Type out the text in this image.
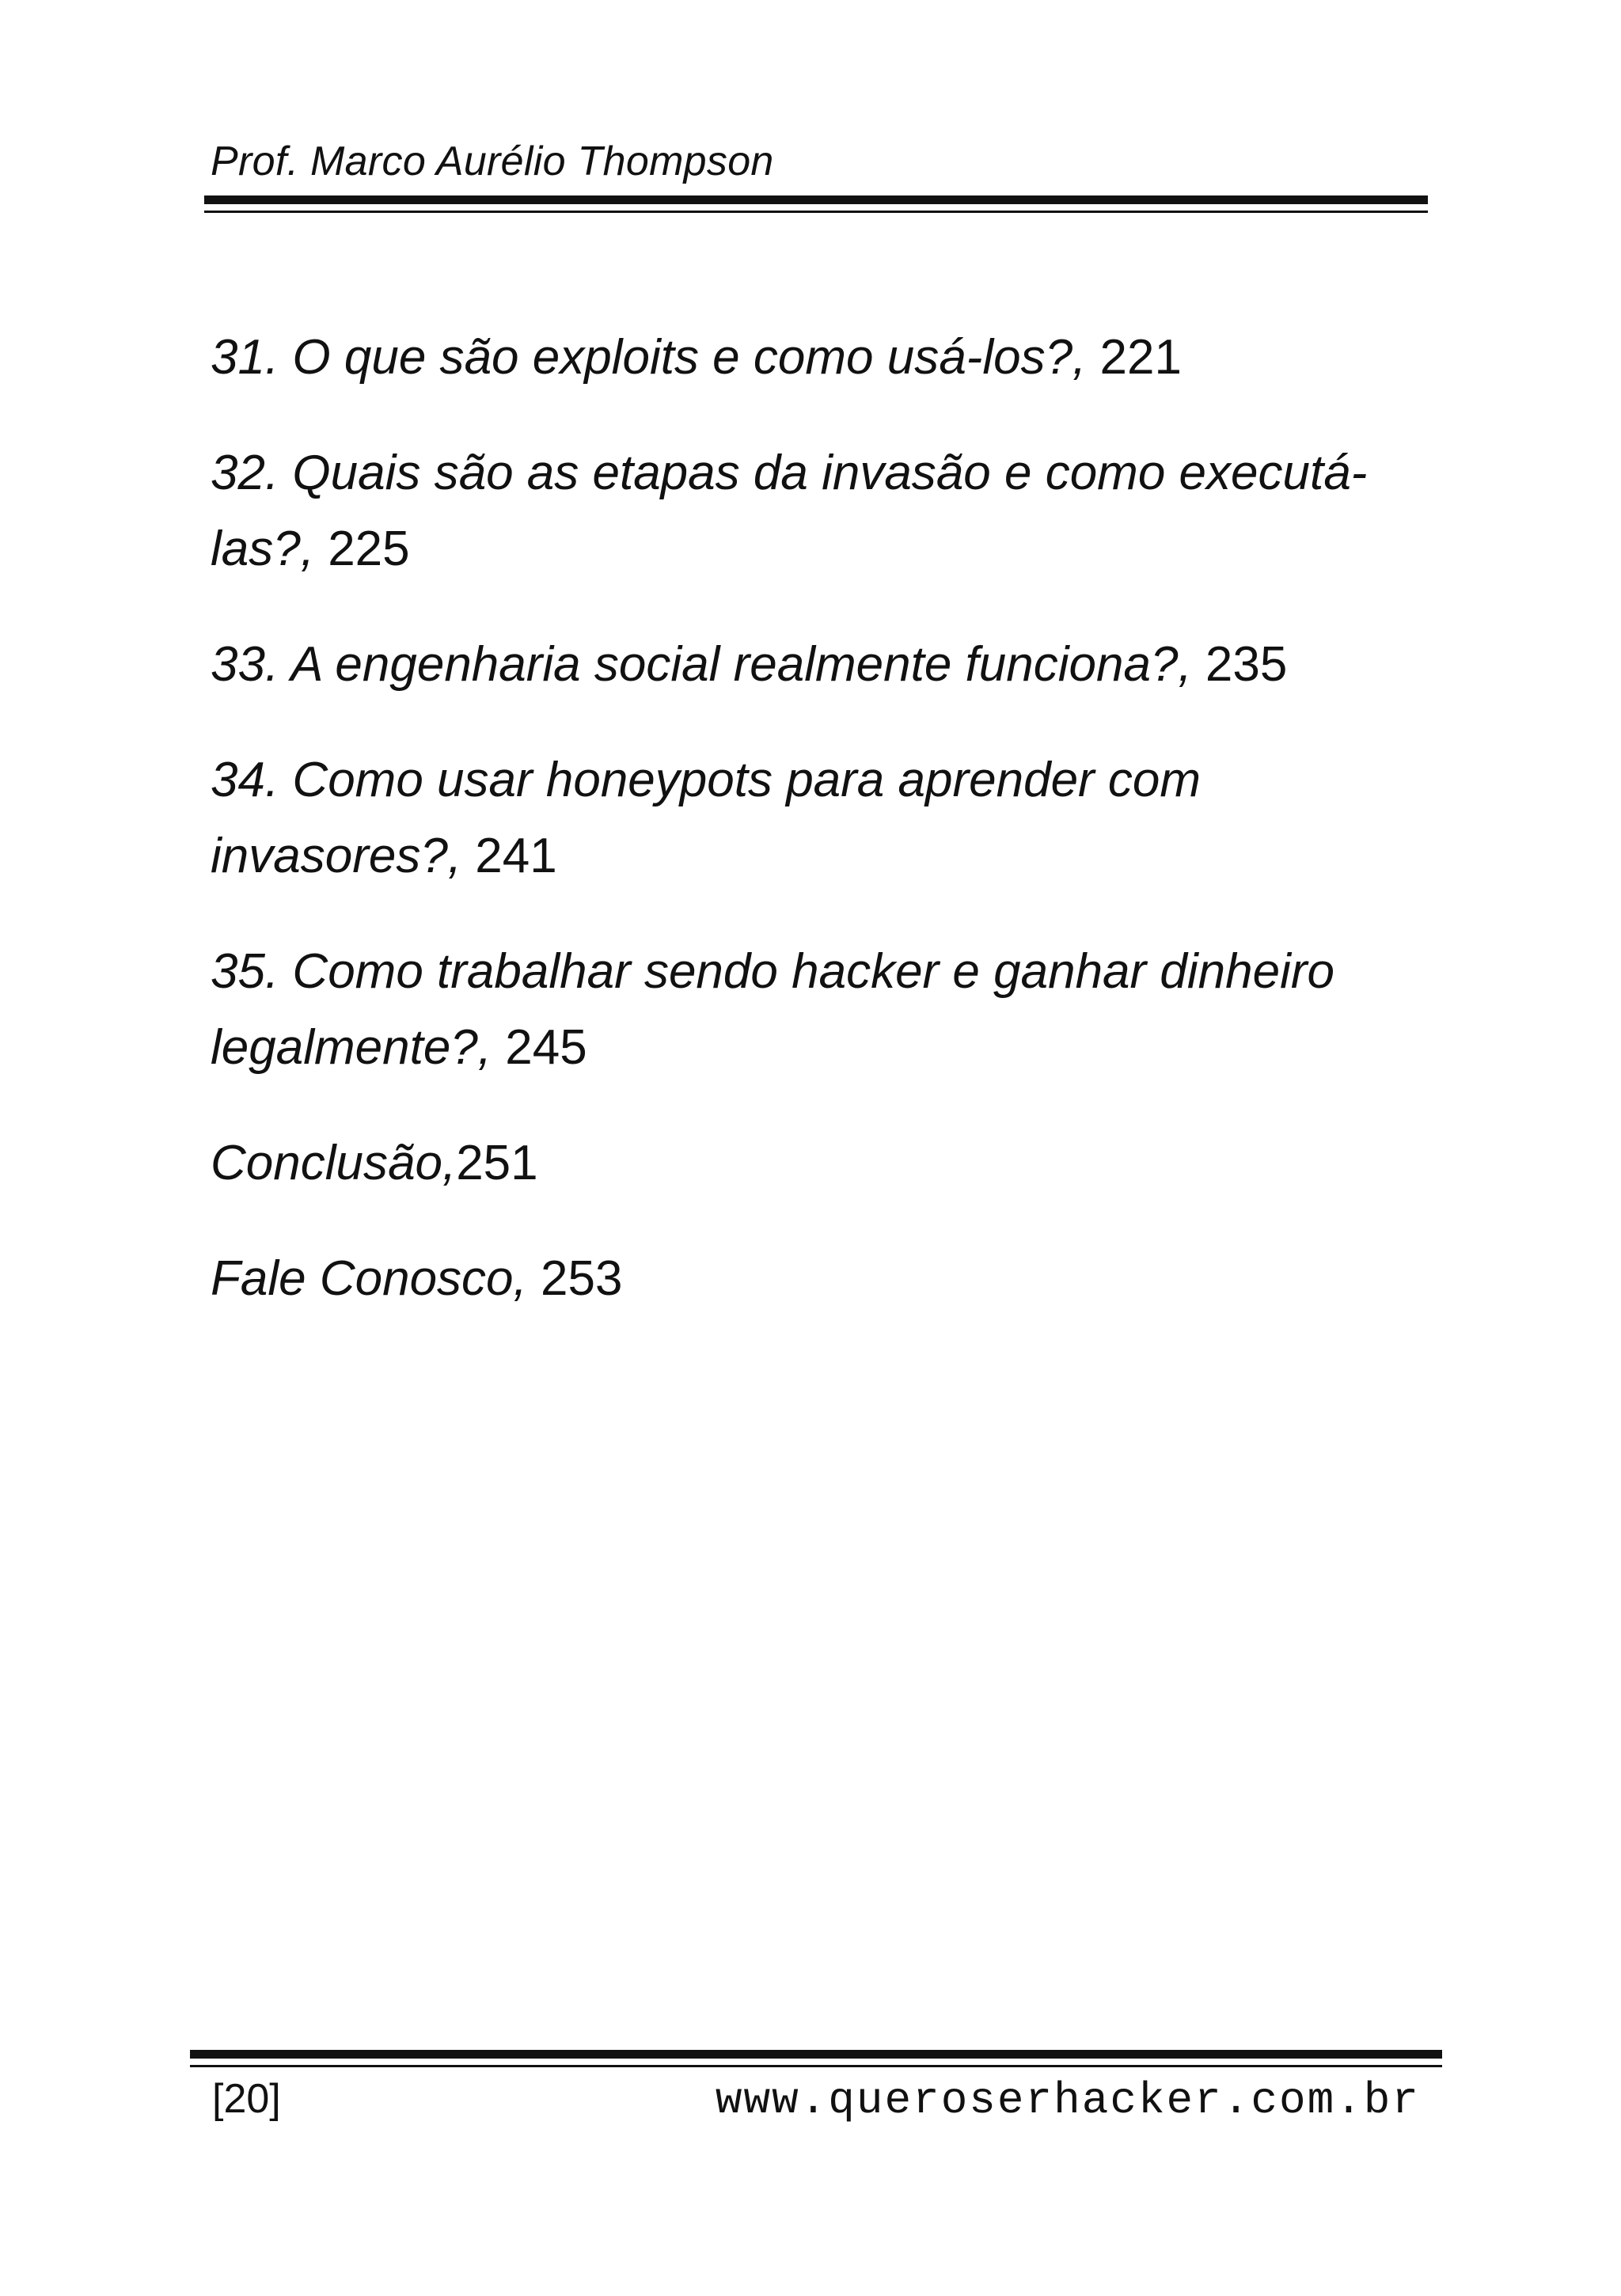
Prof. Marco Aurélio Thompson
31. O que são exploits e como usá-los?, 221
32. Quais são as etapas da invasão e como executá-las?, 225
33. A engenharia social realmente funciona?, 235
34. Como usar honeypots para aprender com invasores?, 241
35. Como trabalhar sendo hacker e ganhar dinheiro legalmente?, 245
Conclusão,251
Fale Conosco, 253
[20]	www.queroserhacker.com.br
